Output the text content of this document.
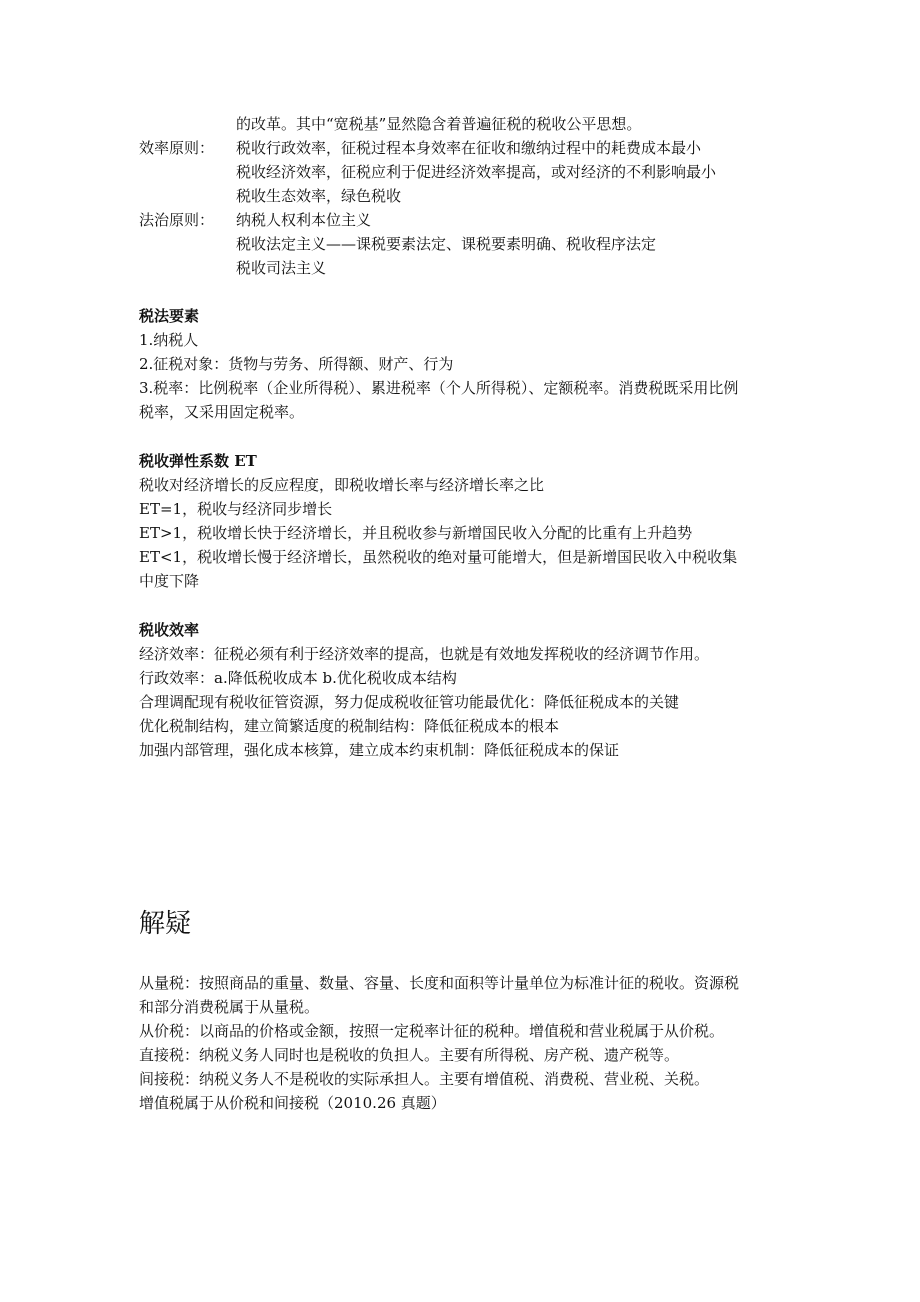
的改革。其中“宽税基”显然隐含着普遍征税的税收公平思想。
效率原则： 税收行政效率，征税过程本身效率在征收和缴纳过程中的耗费成本最小
税收经济效率，征税应利于促进经济效率提高，或对经济的不利影响最小
税收生态效率，绿色税收
法治原则： 纳税人权利本位主义
税收法定主义——课税要素法定、课税要素明确、税收程序法定
税收司法主义
税法要素
1.纳税人
2.征税对象：货物与劳务、所得额、财产、行为
3.税率：比例税率（企业所得税）、累进税率（个人所得税）、定额税率。消费税既采用比例
税率，又采用固定税率。
税收弹性系数 ET
税收对经济增长的反应程度，即税收增长率与经济增长率之比
ET=1，税收与经济同步增长
ET>1，税收增长快于经济增长，并且税收参与新增国民收入分配的比重有上升趋势
ET<1，税收增长慢于经济增长，虽然税收的绝对量可能增大，但是新增国民收入中税收集
中度下降
税收效率
经济效率：征税必须有利于经济效率的提高，也就是有效地发挥税收的经济调节作用。
行政效率：a.降低税收成本 b.优化税收成本结构
合理调配现有税收征管资源，努力促成税收征管功能最优化：降低征税成本的关键
优化税制结构，建立简繁适度的税制结构：降低征税成本的根本
加强内部管理，强化成本核算，建立成本约束机制：降低征税成本的保证
解疑
从量税：按照商品的重量、数量、容量、长度和面积等计量单位为标准计征的税收。资源税
和部分消费税属于从量税。
从价税：以商品的价格或金额，按照一定税率计征的税种。增值税和营业税属于从价税。
直接税：纳税义务人同时也是税收的负担人。主要有所得税、房产税、遗产税等。
间接税：纳税义务人不是税收的实际承担人。主要有增值税、消费税、营业税、关税。
增值税属于从价税和间接税（2010.26 真题）
